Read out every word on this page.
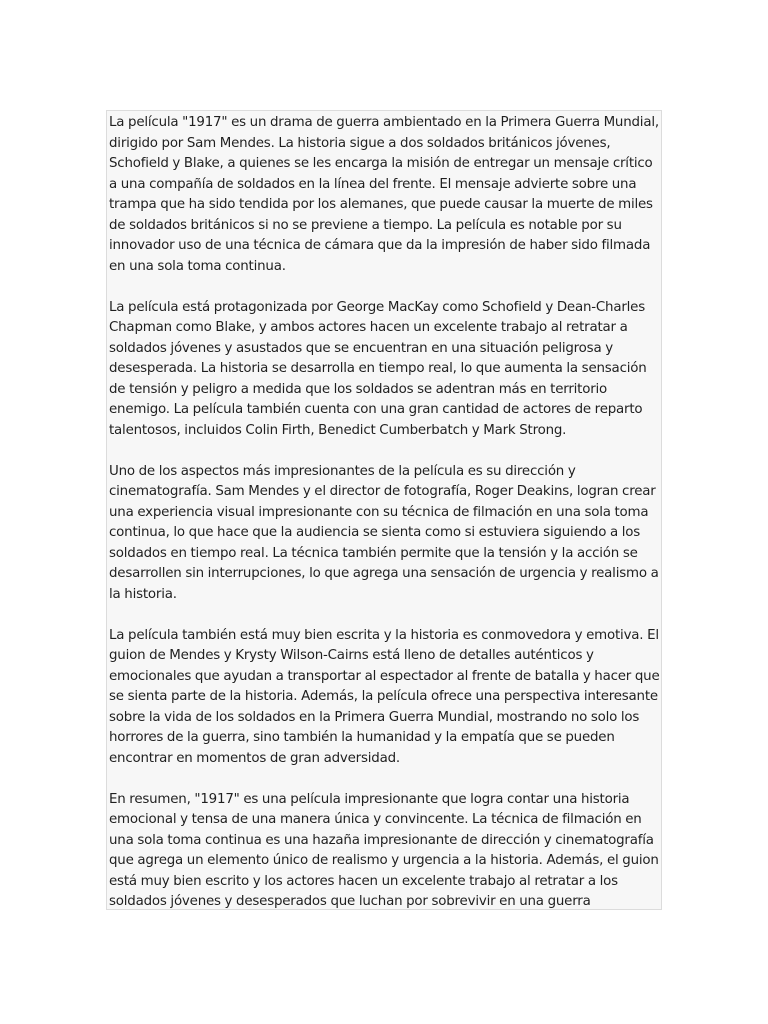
La película "1917" es un drama de guerra ambientado en la Primera Guerra Mundial, dirigido por Sam Mendes. La historia sigue a dos soldados británicos jóvenes, Schofield y Blake, a quienes se les encarga la misión de entregar un mensaje crítico a una compañía de soldados en la línea del frente. El mensaje advierte sobre una trampa que ha sido tendida por los alemanes, que puede causar la muerte de miles de soldados británicos si no se previene a tiempo. La película es notable por su innovador uso de una técnica de cámara que da la impresión de haber sido filmada en una sola toma continua.

La película está protagonizada por George MacKay como Schofield y Dean-Charles Chapman como Blake, y ambos actores hacen un excelente trabajo al retratar a soldados jóvenes y asustados que se encuentran en una situación peligrosa y desesperada. La historia se desarrolla en tiempo real, lo que aumenta la sensación de tensión y peligro a medida que los soldados se adentran más en territorio enemigo. La película también cuenta con una gran cantidad de actores de reparto talentosos, incluidos Colin Firth, Benedict Cumberbatch y Mark Strong.

Uno de los aspectos más impresionantes de la película es su dirección y cinematografía. Sam Mendes y el director de fotografía, Roger Deakins, logran crear una experiencia visual impresionante con su técnica de filmación en una sola toma continua, lo que hace que la audiencia se sienta como si estuviera siguiendo a los soldados en tiempo real. La técnica también permite que la tensión y la acción se desarrollen sin interrupciones, lo que agrega una sensación de urgencia y realismo a la historia.

La película también está muy bien escrita y la historia es conmovedora y emotiva. El guion de Mendes y Krysty Wilson-Cairns está lleno de detalles auténticos y emocionales que ayudan a transportar al espectador al frente de batalla y hacer que se sienta parte de la historia. Además, la película ofrece una perspectiva interesante sobre la vida de los soldados en la Primera Guerra Mundial, mostrando no solo los horrores de la guerra, sino también la humanidad y la empatía que se pueden encontrar en momentos de gran adversidad.

En resumen, "1917" es una película impresionante que logra contar una historia emocional y tensa de una manera única y convincente. La técnica de filmación en una sola toma continua es una hazaña impresionante de dirección y cinematografía que agrega un elemento único de realismo y urgencia a la historia. Además, el guion está muy bien escrito y los actores hacen un excelente trabajo al retratar a los soldados jóvenes y desesperados que luchan por sobrevivir en una guerra
